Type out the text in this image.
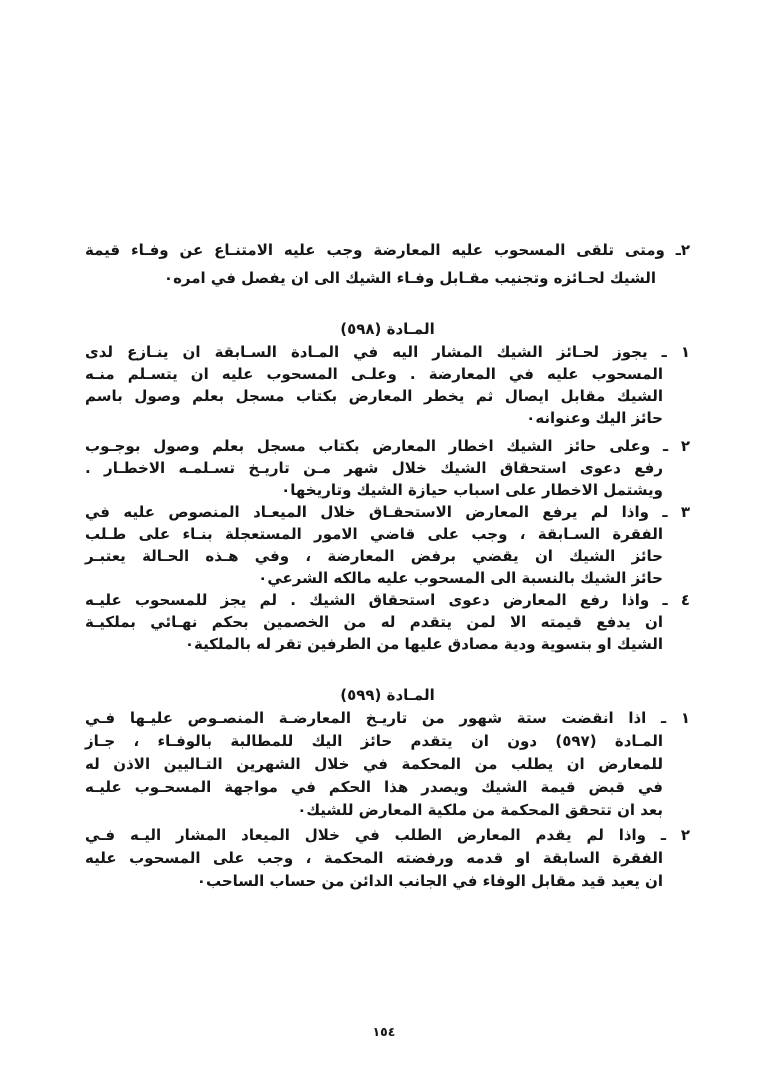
٢ـ ومتى تلقى المسحوب عليه المعارضة وجب عليه الامتنـاع عن وفـاء قيمة
الشيك لحـائزه وتجنيب مقـابل وفـاء الشيك الى ان يفصل في امره٠
المـادة (٥٩٨)
١ ـ يجوز لحـائز الشيك المشار اليه في المـادة السـابقة ان ينـازع لدى
المسحوب عليه في المعارضة . وعلـى المسحوب عليه ان يتسـلم منـه
الشيك مقابل ايصال ثم يخطر المعارض بكتاب مسجل بعلم وصول باسم
حائز اليك وعنوانه٠
٢ ـ وعلى حائز الشيك اخطار المعارض بكتاب مسجل بعلم وصول بوجـوب
رفع دعوى استحقاق الشيك خلال شهر مـن تاريـخ تسـلمـه الاخطـار .
ويشتمل الاخطار على اسباب حيازة الشيك وتاريخها٠
٣ ـ واذا لم يرفع المعارض الاستحقـاق خلال الميعـاد المنصوص عليه في
الفقرة السـابقة ، وجب على قاضي الامور المستعجلة بنـاء على طـلب
حائز الشيك ان يقضي برفض المعارضة ، وفي هـذه الحـالة يعتبـر
حائز الشيك بالنسبة الى المسحوب عليه مالكه الشرعي٠
٤ ـ واذا رفع المعارض دعوى استحقاق الشيك . لم يجز للمسحوب عليـه
ان يدفع قيمته الا لمن يتقدم له من الخصمين بحكم نهـائي بملكيـة
الشيك او بتسوية ودية مصادق عليها من الطرفين تقر له بالملكية٠
المـادة (٥٩٩)
١ ـ اذا انقضت ستة شهور من تاريـخ المعارضـة المنصـوص عليـها فـي
المـادة (٥٩٧) دون ان يتقدم حائز اليك للمطالبة بالوفـاء ، جـاز
للمعارض ان يطلب من المحكمة في خلال الشهرين التـاليين الاذن له
في قبض قيمة الشيك ويصدر هذا الحكم في مواجهة المسحـوب عليـه
بعد ان تتحقق المحكمة من ملكية المعارض للشيك٠
٢ ـ واذا لم يقدم المعارض الطلب في خلال الميعاد المشار اليـه فـي
الفقرة السابقة او قدمه ورفضته المحكمة ، وجب على المسحوب عليه
ان يعيد قيد مقابل الوفاء في الجانب الدائن من حساب الساحب٠
١٥٤
